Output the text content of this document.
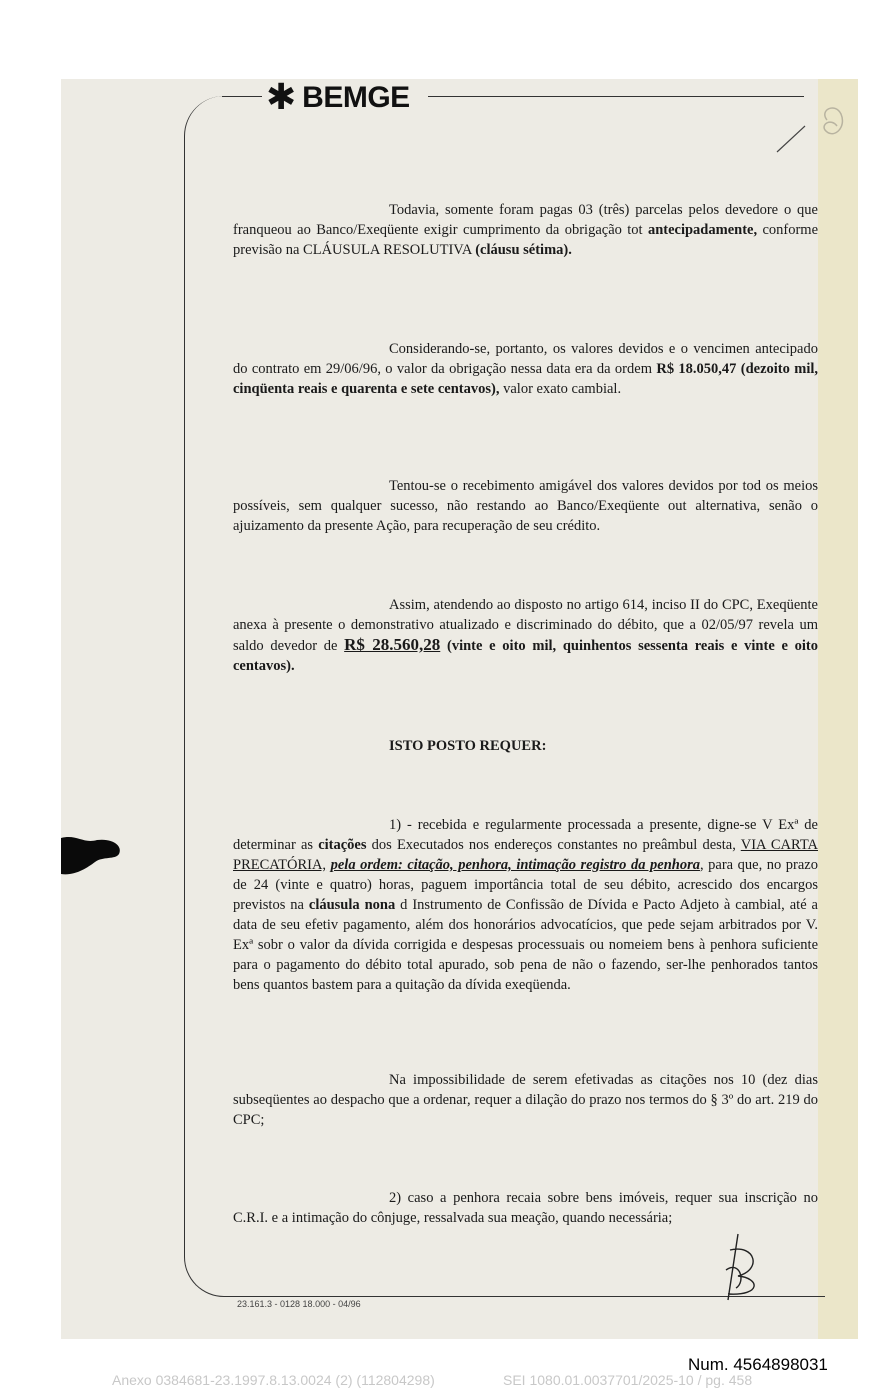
✱ BEMGE

Todavia, somente foram pagas 03 (três) parcelas pelos devedore o que franqueou ao Banco/Exeqüente exigir cumprimento da obrigação tot antecipadamente, conforme previsão na CLÁUSULA RESOLUTIVA (cláusu sétima).

Considerando-se, portanto, os valores devidos e o vencimen antecipado do contrato em 29/06/96, o valor da obrigação nessa data era da ordem R$ 18.050,47 (dezoito mil, cinqüenta reais e quarenta e sete centavos), valor exato cambial.

Tentou-se o recebimento amigável dos valores devidos por tod os meios possíveis, sem qualquer sucesso, não restando ao Banco/Exeqüente out alternativa, senão o ajuizamento da presente Ação, para recuperação de seu crédito.

Assim, atendendo ao disposto no artigo 614, inciso II do CPC, Exeqüente anexa à presente o demonstrativo atualizado e discriminado do débito, que a 02/05/97 revela um saldo devedor de R$ 28.560,28 (vinte e oito mil, quinhentos sessenta reais e vinte e oito centavos).

ISTO POSTO REQUER:

1) - recebida e regularmente processada a presente, digne-se V Exª de determinar as citações dos Executados nos endereços constantes no preâmbul desta, VIA CARTA PRECATÓRIA, pela ordem: citação, penhora, intimação registro da penhora, para que, no prazo de 24 (vinte e quatro) horas, paguem importância total de seu débito, acrescido dos encargos previstos na cláusula nona d Instrumento de Confissão de Dívida e Pacto Adjeto à cambial, até a data de seu efetiv pagamento, além dos honorários advocatícios, que pede sejam arbitrados por V. Exª sobr o valor da dívida corrigida e despesas processuais ou nomeiem bens à penhora suficiente para o pagamento do débito total apurado, sob pena de não o fazendo, ser-lhe penhorados tantos bens quantos bastem para a quitação da dívida exeqüenda.

Na impossibilidade de serem efetivadas as citações nos 10 (dez dias subseqüentes ao despacho que a ordenar, requer a dilação do prazo nos termos do § 3º do art. 219 do CPC;

2) caso a penhora recaia sobre bens imóveis, requer sua inscrição no C.R.I. e a intimação do cônjuge, ressalvada sua meação, quando necessária;

23.161.3 - 0128 18.000 - 04/96
Num. 4564898031
Anexo 0384681-23.1997.8.13.0024 (2) (112804298)	SEI 1080.01.0037701/2025-10 / pg. 458
